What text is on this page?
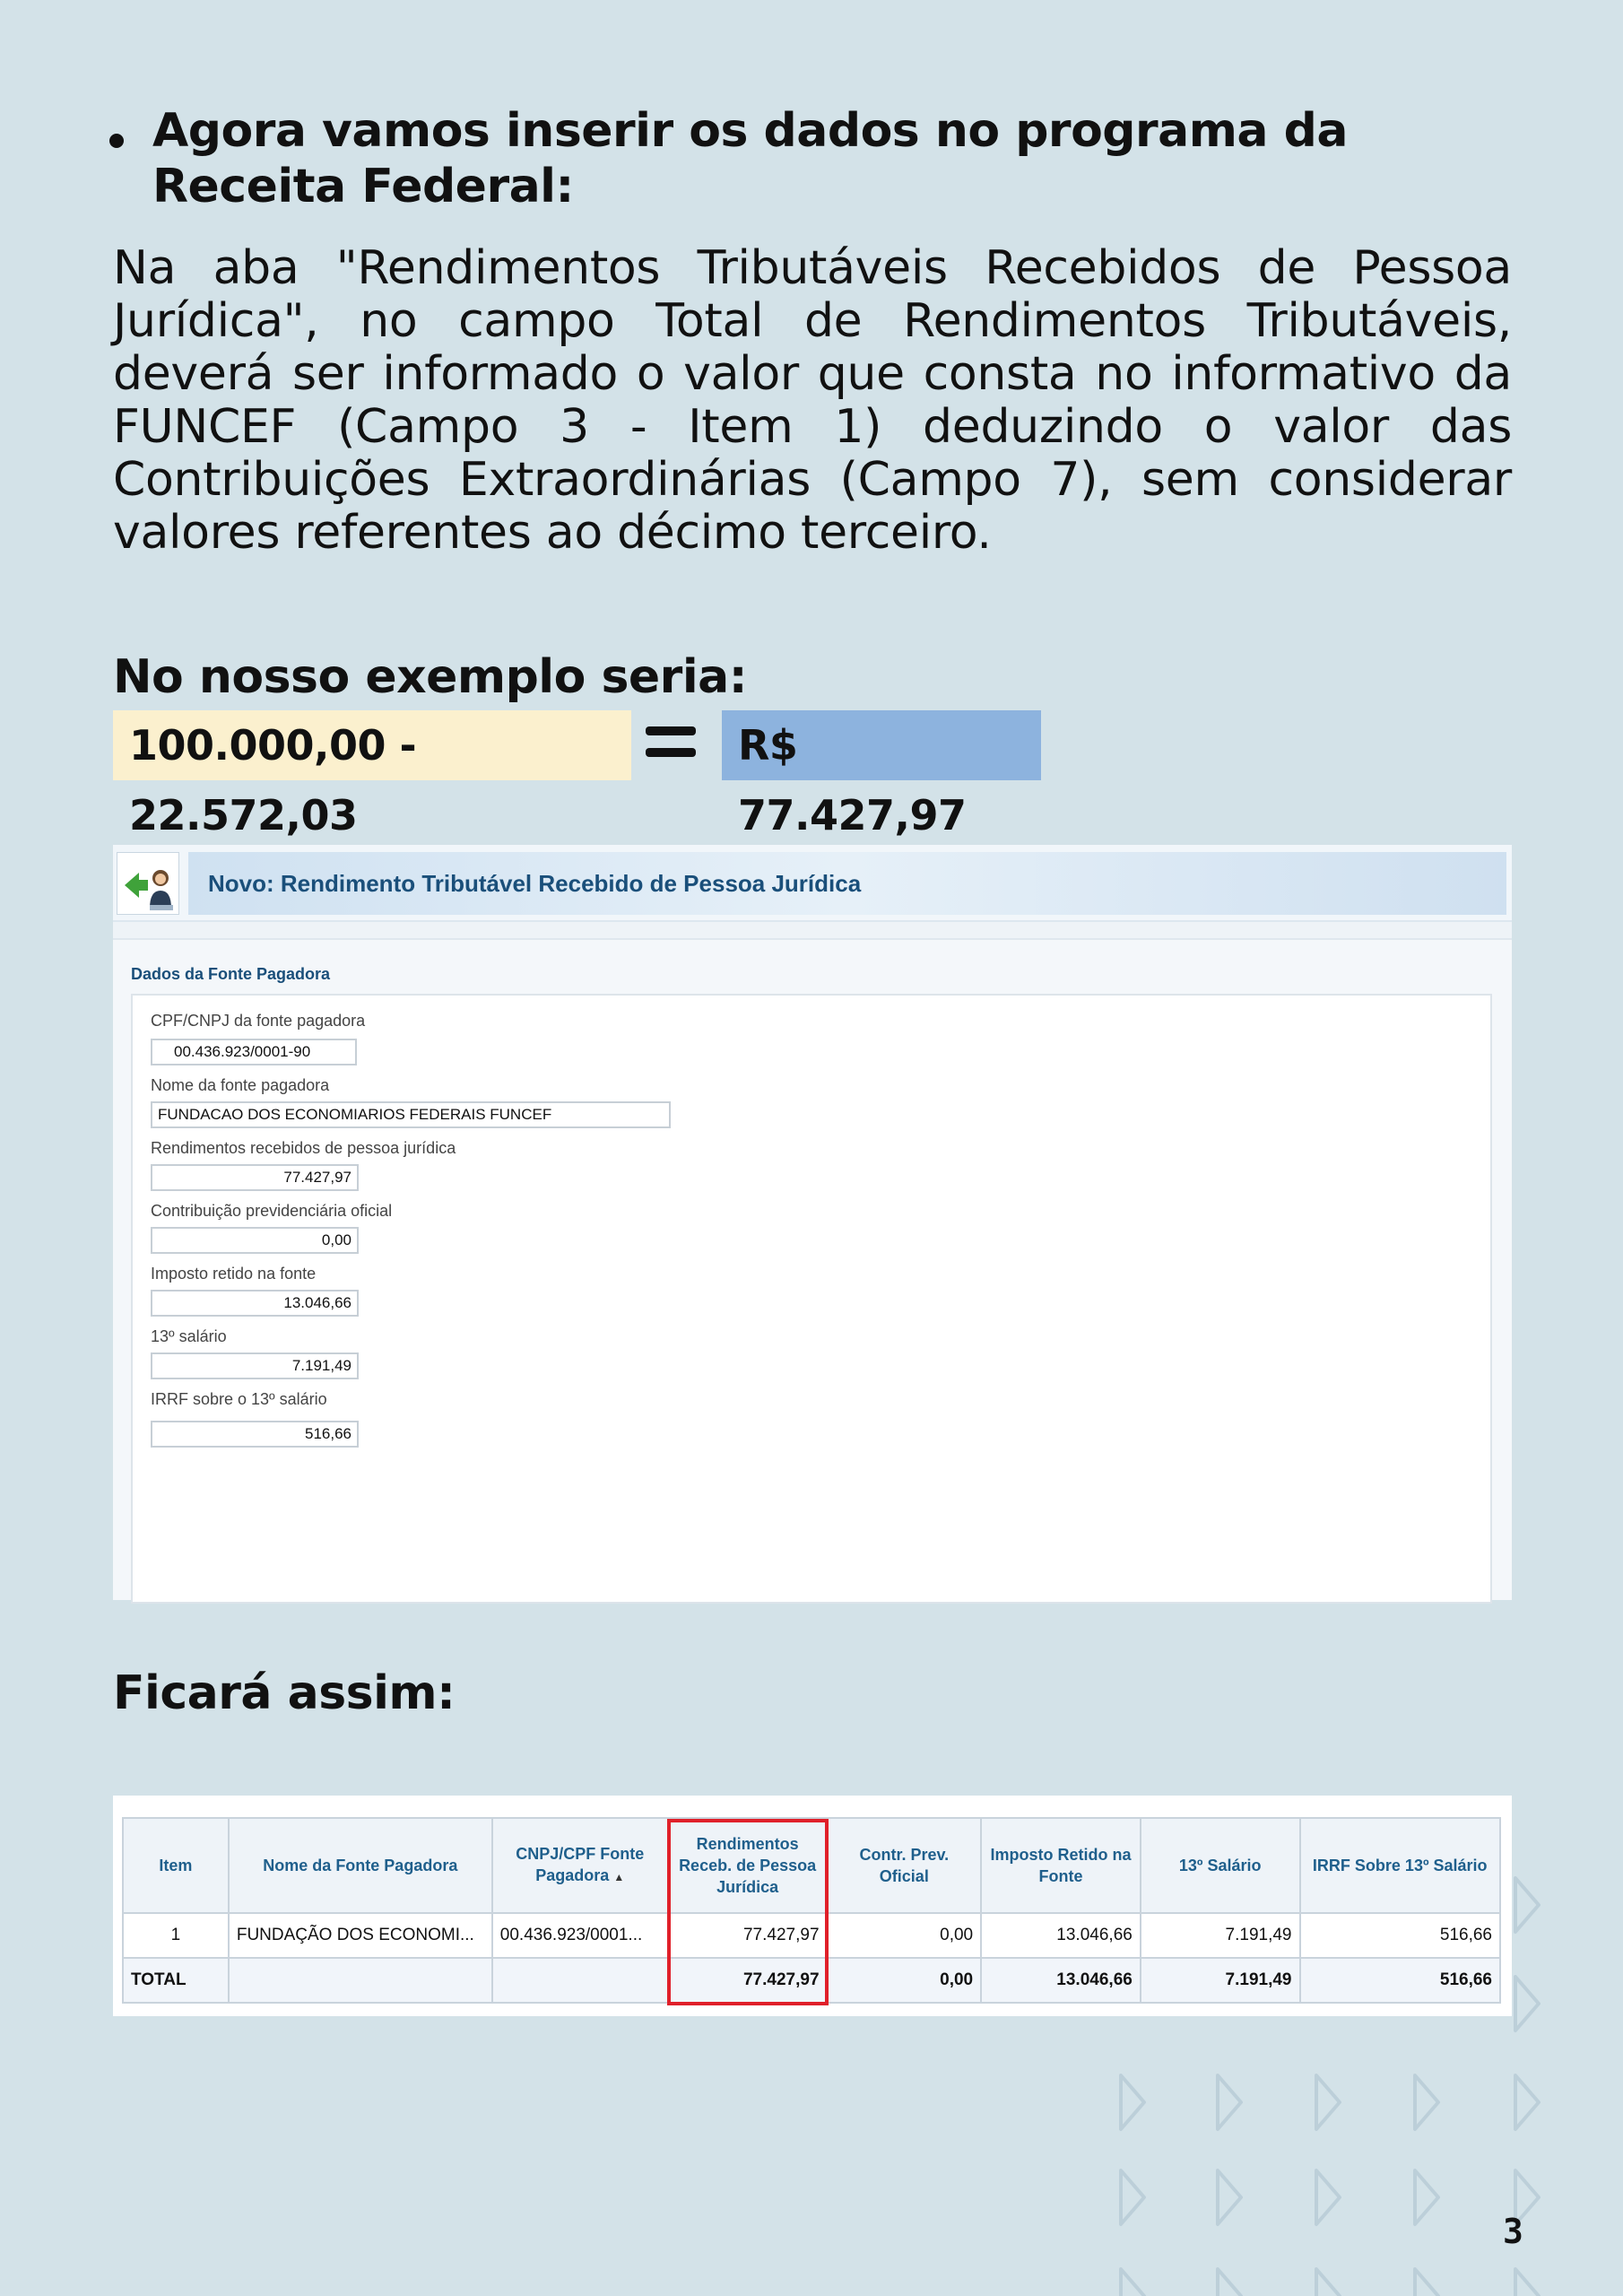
Agora vamos inserir os dados no programa da Receita Federal:

Na aba "Rendimentos Tributáveis Recebidos de Pessoa Jurídica", no campo Total de Rendimentos Tributáveis, deverá ser informado o valor que consta no informativo da FUNCEF (Campo 3 - Item 1) deduzindo o valor das Contribuições Extraordinárias (Campo 7), sem considerar valores referentes ao décimo terceiro.

No nosso exemplo seria:
100.000,00 - 22.572,03
R$ 77.427,97
Novo: Rendimento Tributável Recebido de Pessoa Jurídica
Dados da Fonte Pagadora
CPF/CNPJ da fonte pagadora
00.436.923/0001-90
Nome da fonte pagadora
FUNDACAO DOS ECONOMIARIOS FEDERAIS FUNCEF
Rendimentos recebidos de pessoa jurídica
77.427,97
Contribuição previdenciária oficial
0,00
Imposto retido na fonte
13.046,66
13º salário
7.191,49
IRRF sobre o 13º salário
516,66
Ficará assim:
Item	Nome da Fonte Pagadora	CNPJ/CPF Fonte Pagadora ▲	Rendimentos Receb. de Pessoa Jurídica	Contr. Prev. Oficial	Imposto Retido na Fonte	13º Salário	IRRF Sobre 13º Salário
1	FUNDAÇÃO DOS ECONOMI...	00.436.923/0001...	77.427,97	0,00	13.046,66	7.191,49	516,66
TOTAL			77.427,97	0,00	13.046,66	7.191,49	516,66
3
